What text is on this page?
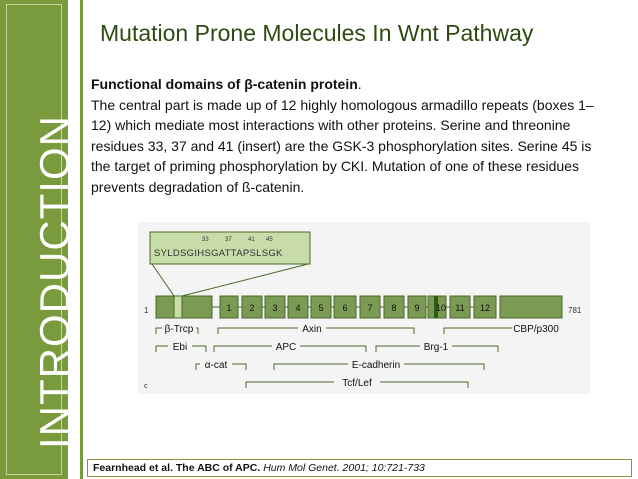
INTRODUCTION
Mutation Prone Molecules In Wnt Pathway
Functional domains of β-catenin protein.
The central part is made up of 12 highly homologous armadillo repeats (boxes 1–12) which mediate most interactions with other proteins. Serine and threonine residues 33, 37 and 41 (insert) are the GSK-3 phosphorylation sites. Serine 45 is the target of priming phosphorylation by CKI. Mutation of one of these residues prevents degradation of ß-catenin.
33	37	41 45
SYLDSGIHSGATTAPSLSGK
1	781
1 2 3 4 5 6 7 8 9 10 11 12
β-Trcp	Axin	CBP/p300
Ebi	APC	Brg-1
α-cat	E-cadherin
Tcf/Lef
c
Fearnhead et al. The ABC of APC. Hum Mol Genet. 2001; 10:721-733
